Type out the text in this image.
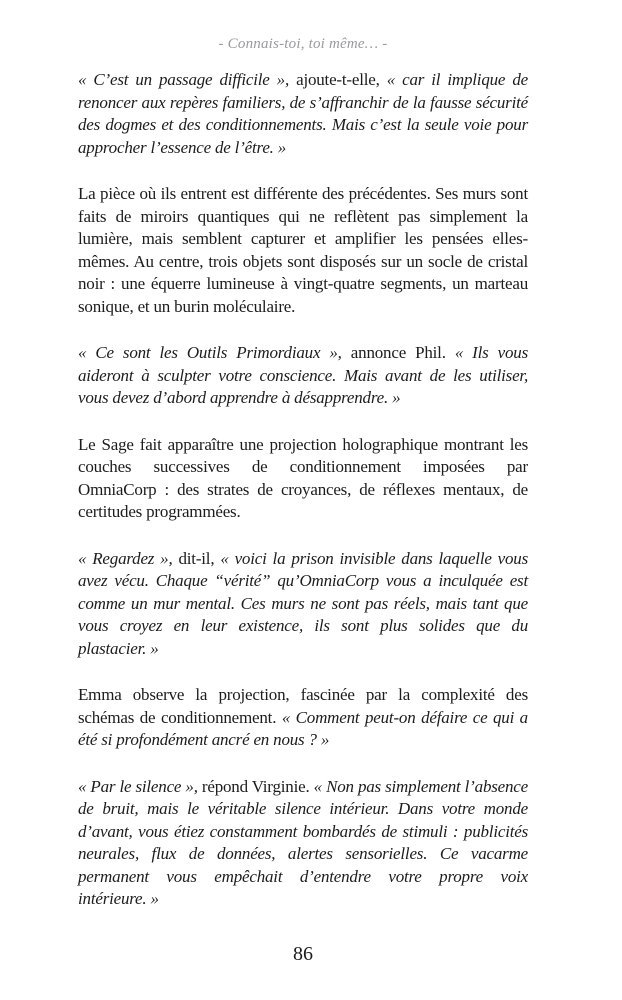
- Connais-toi, toi même… -

« C’est un passage difficile », ajoute-t-elle, « car il implique de renoncer aux repères familiers, de s’affranchir de la fausse sécurité des dogmes et des conditionnements. Mais c’est la seule voie pour approcher l’essence de l’être. »

La pièce où ils entrent est différente des précédentes. Ses murs sont faits de miroirs quantiques qui ne reflètent pas simplement la lumière, mais semblent capturer et amplifier les pensées elles-mêmes. Au centre, trois objets sont disposés sur un socle de cristal noir : une équerre lumineuse à vingt-quatre segments, un marteau sonique, et un burin moléculaire.

« Ce sont les Outils Primordiaux », annonce Phil. « Ils vous aideront à sculpter votre conscience. Mais avant de les utiliser, vous devez d’abord apprendre à désapprendre. »

Le Sage fait apparaître une projection holographique montrant les couches successives de conditionnement imposées par OmniaCorp : des strates de croyances, de réflexes mentaux, de certitudes programmées.

« Regardez », dit-il, « voici la prison invisible dans laquelle vous avez vécu. Chaque “vérité” qu’OmniaCorp vous a inculquée est comme un mur mental. Ces murs ne sont pas réels, mais tant que vous croyez en leur existence, ils sont plus solides que du plastacier. »

Emma observe la projection, fascinée par la complexité des schémas de conditionnement. « Comment peut-on défaire ce qui a été si profondément ancré en nous ? »

« Par le silence », répond Virginie. « Non pas simplement l’absence de bruit, mais le véritable silence intérieur. Dans votre monde d’avant, vous étiez constamment bombardés de stimuli : publicités neurales, flux de données, alertes sensorielles. Ce vacarme permanent vous empêchait d’entendre votre propre voix intérieure. »

86
